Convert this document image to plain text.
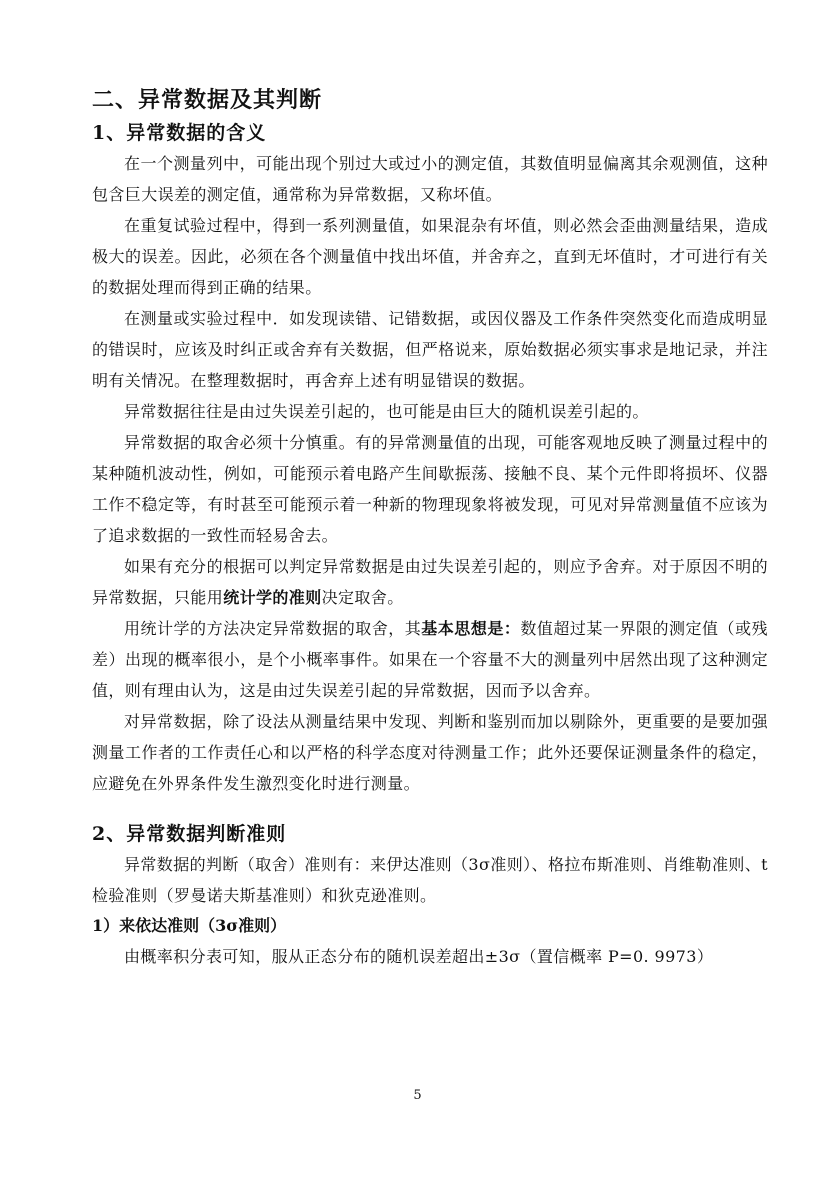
二、异常数据及其判断
1、异常数据的含义

在一个测量列中，可能出现个别过大或过小的测定值，其数值明显偏离其余观测值，这种包含巨大误差的测定值，通常称为异常数据，又称坏值。

在重复试验过程中，得到一系列测量值，如果混杂有坏值，则必然会歪曲测量结果，造成极大的误差。因此，必须在各个测量值中找出坏值，并舍弃之，直到无坏值时，才可进行有关的数据处理而得到正确的结果。

在测量或实验过程中．如发现读错、记错数据，或因仪器及工作条件突然变化而造成明显的错误时，应该及时纠正或舍弃有关数据，但严格说来，原始数据必须实事求是地记录，并注明有关情况。在整理数据时，再舍弃上述有明显错误的数据。

异常数据往往是由过失误差引起的，也可能是由巨大的随机误差引起的。

异常数据的取舍必须十分慎重。有的异常测量值的出现，可能客观地反映了测量过程中的某种随机波动性，例如，可能预示着电路产生间歇振荡、接触不良、某个元件即将损坏、仪器工作不稳定等，有时甚至可能预示着一种新的物理现象将被发现，可见对异常测量值不应该为了追求数据的一致性而轻易舍去。

如果有充分的根据可以判定异常数据是由过失误差引起的，则应予舍弃。对于原因不明的异常数据，只能用统计学的准则决定取舍。

用统计学的方法决定异常数据的取舍，其基本思想是：数值超过某一界限的测定值（或残差）出现的概率很小，是个小概率事件。如果在一个容量不大的测量列中居然出现了这种测定值，则有理由认为，这是由过失误差引起的异常数据，因而予以舍弃。

对异常数据，除了设法从测量结果中发现、判断和鉴别而加以剔除外，更重要的是要加强测量工作者的工作责任心和以严格的科学态度对待测量工作；此外还要保证测量条件的稳定，应避免在外界条件发生激烈变化时进行测量。

2、异常数据判断准则

异常数据的判断（取舍）准则有：来伊达准则（3σ准则）、格拉布斯准则、肖维勒准则、t 检验准则（罗曼诺夫斯基准则）和狄克逊准则。

1）来依达准则（3σ准则）

由概率积分表可知，服从正态分布的随机误差超出±3σ（置信概率 P=0. 9973）

5
